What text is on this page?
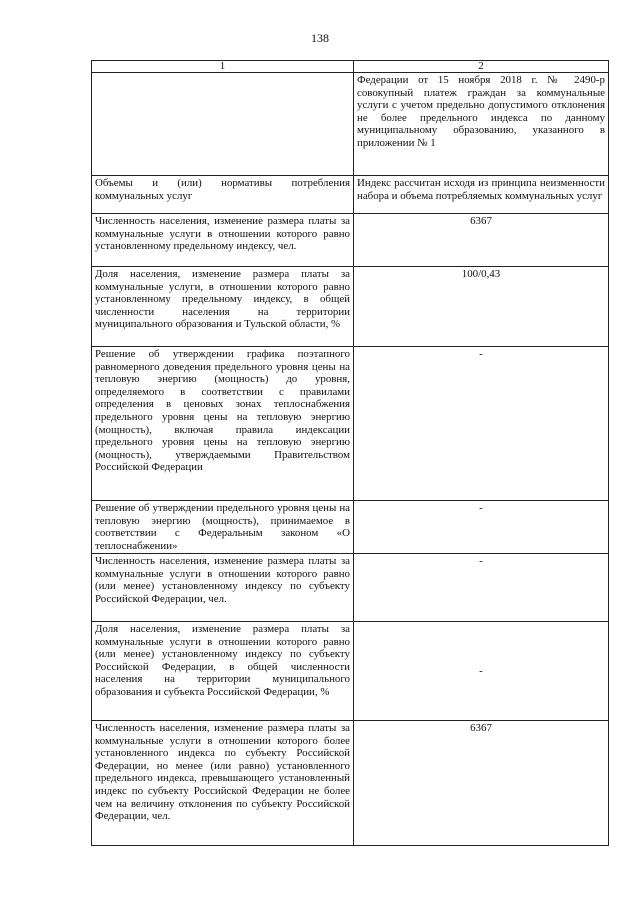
138
1	2
	Федерации от 15 ноября 2018 г. № 2490-р совокупный платеж граждан за коммунальные услуги с учетом предельно допустимого отклонения не более предельного индекса по данному муниципальному образованию, указанного в приложении № 1
Объемы и (или) нормативы потребления коммунальных услуг	Индекс рассчитан исходя из принципа неизменности набора и объема потребляемых коммунальных услуг
Численность населения, изменение размера платы за коммунальные услуги в отношении которого равно установленному предельному индексу, чел.	6367
Доля населения, изменение размера платы за коммунальные услуги, в отношении которого равно установленному предельному индексу, в общей численности населения на территории муниципального образования и Тульской области, %	100/0,43
Решение об утверждении графика поэтапного равномерного доведения предельного уровня цены на тепловую энергию (мощность) до уровня, определяемого в соответствии с правилами определения в ценовых зонах теплоснабжения предельного уровня цены на тепловую энергию (мощность), включая правила индексации предельного уровня цены на тепловую энергию (мощность), утверждаемыми Правительством Российской Федерации	-
Решение об утверждении предельного уровня цены на тепловую энергию (мощность), принимаемое в соответствии с Федеральным законом «О теплоснабжении»	-
Численность населения, изменение размера платы за коммунальные услуги в отношении которого равно (или менее) установленному индексу по субъекту Российской Федерации, чел.	-
Доля населения, изменение размера платы за коммунальные услуги в отношении которого равно (или менее) установленному индексу по субъекту Российской Федерации, в общей численности населения на территории муниципального образования и субъекта Российской Федерации, %	-
Численность населения, изменение размера платы за коммунальные услуги в отношении которого более установленного индекса по субъекту Российской Федерации, но менее (или равно) установленного предельного индекса, превышающего установленный индекс по субъекту Российской Федерации не более чем на величину отклонения по субъекту Российской Федерации, чел.	6367
